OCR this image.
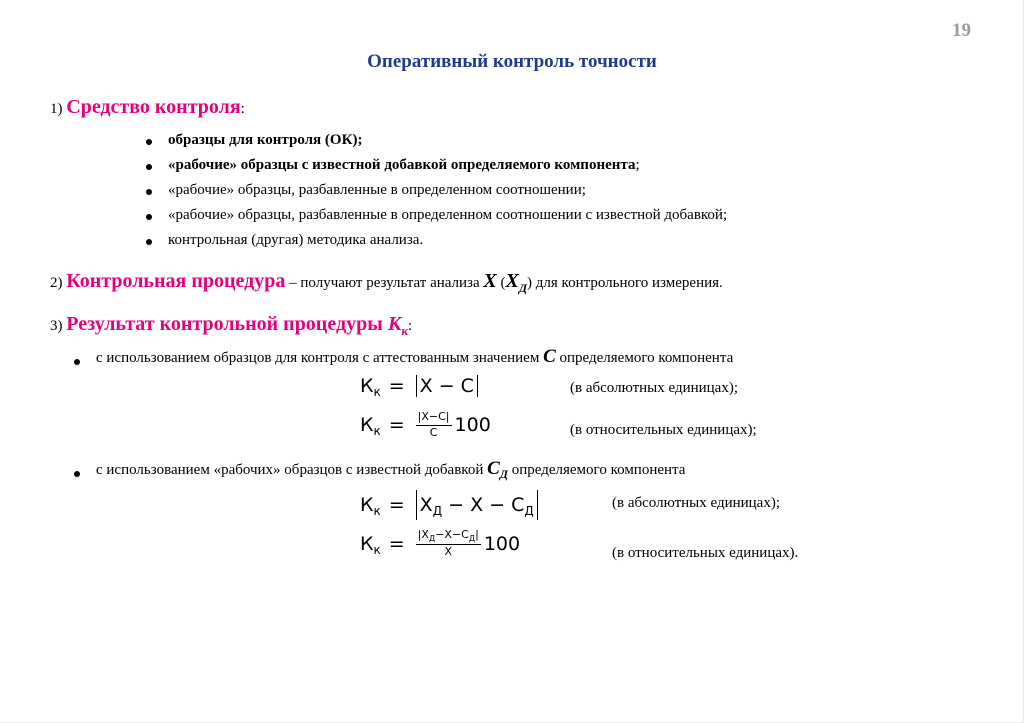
19
Оперативный контроль точности
1) Средство контроля:
образцы для контроля (ОК);
«рабочие» образцы с известной добавкой определяемого компонента;
«рабочие» образцы, разбавленные в определенном соотношении;
«рабочие» образцы, разбавленные в определенном соотношении с известной добавкой;
контрольная (другая) методика анализа.
2) Контрольная процедура – получают результат анализа X $(X_Д)$ для контрольного измерения.
3) Результат контрольной процедуры Кк:
с использованием образцов для контроля с аттестованным значением С определяемого компонента
К к = X − C	(в абсолютных единицах);
К $к = \frac{|X-C|}{C} 100$	(в относительных единицах);
с использованием «рабочих» образцов с известной добавкой $С_Д$ определяемого компонента
К к = X Д − X − C Д	(в абсолютных единицах);
К $к = \frac{|X_Д-X-C_Д|}{X} 100$	(в относительных единицах).
